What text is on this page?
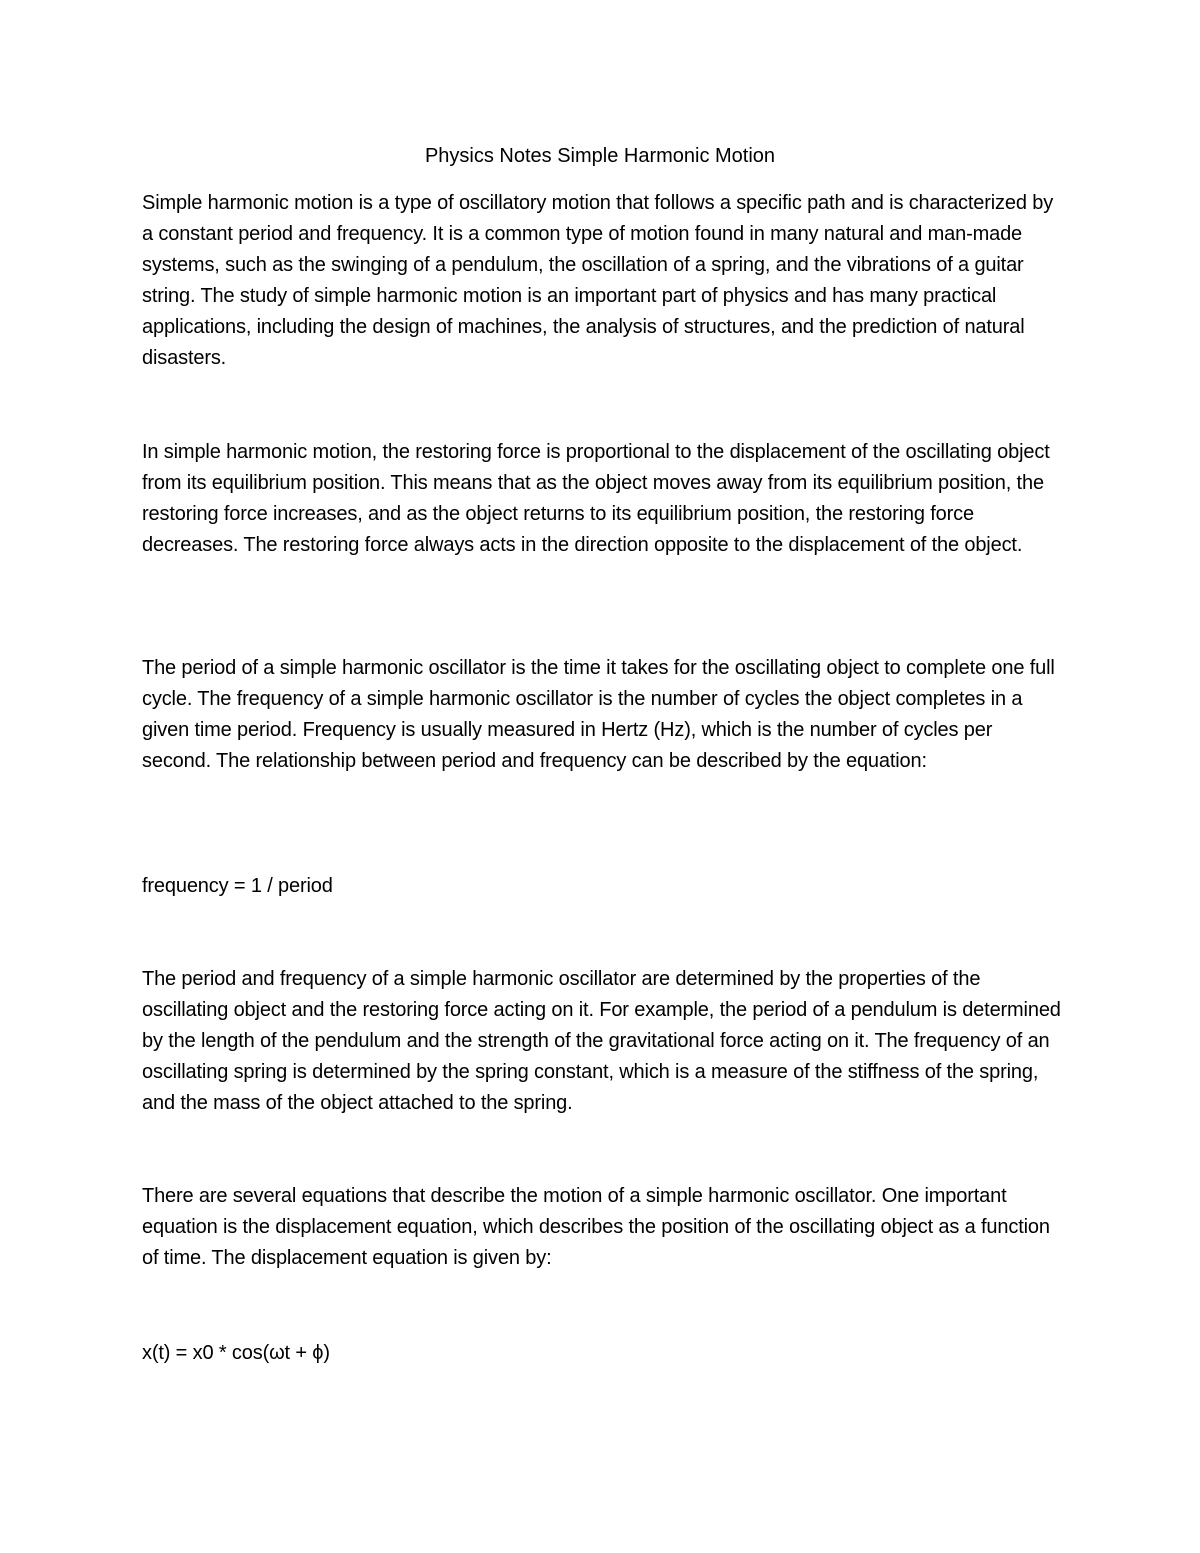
Physics Notes Simple Harmonic Motion

Simple harmonic motion is a type of oscillatory motion that follows a specific path and is characterized by a constant period and frequency. It is a common type of motion found in many natural and man-made systems, such as the swinging of a pendulum, the oscillation of a spring, and the vibrations of a guitar string. The study of simple harmonic motion is an important part of physics and has many practical applications, including the design of machines, the analysis of structures, and the prediction of natural disasters.

In simple harmonic motion, the restoring force is proportional to the displacement of the oscillating object from its equilibrium position. This means that as the object moves away from its equilibrium position, the restoring force increases, and as the object returns to its equilibrium position, the restoring force decreases. The restoring force always acts in the direction opposite to the displacement of the object.

The period of a simple harmonic oscillator is the time it takes for the oscillating object to complete one full cycle. The frequency of a simple harmonic oscillator is the number of cycles the object completes in a given time period. Frequency is usually measured in Hertz (Hz), which is the number of cycles per second. The relationship between period and frequency can be described by the equation:

frequency = 1 / period

The period and frequency of a simple harmonic oscillator are determined by the properties of the oscillating object and the restoring force acting on it. For example, the period of a pendulum is determined by the length of the pendulum and the strength of the gravitational force acting on it. The frequency of an oscillating spring is determined by the spring constant, which is a measure of the stiffness of the spring, and the mass of the object attached to the spring.

There are several equations that describe the motion of a simple harmonic oscillator. One important equation is the displacement equation, which describes the position of the oscillating object as a function of time. The displacement equation is given by:

x(t) = x0 * cos(ωt + ϕ)
